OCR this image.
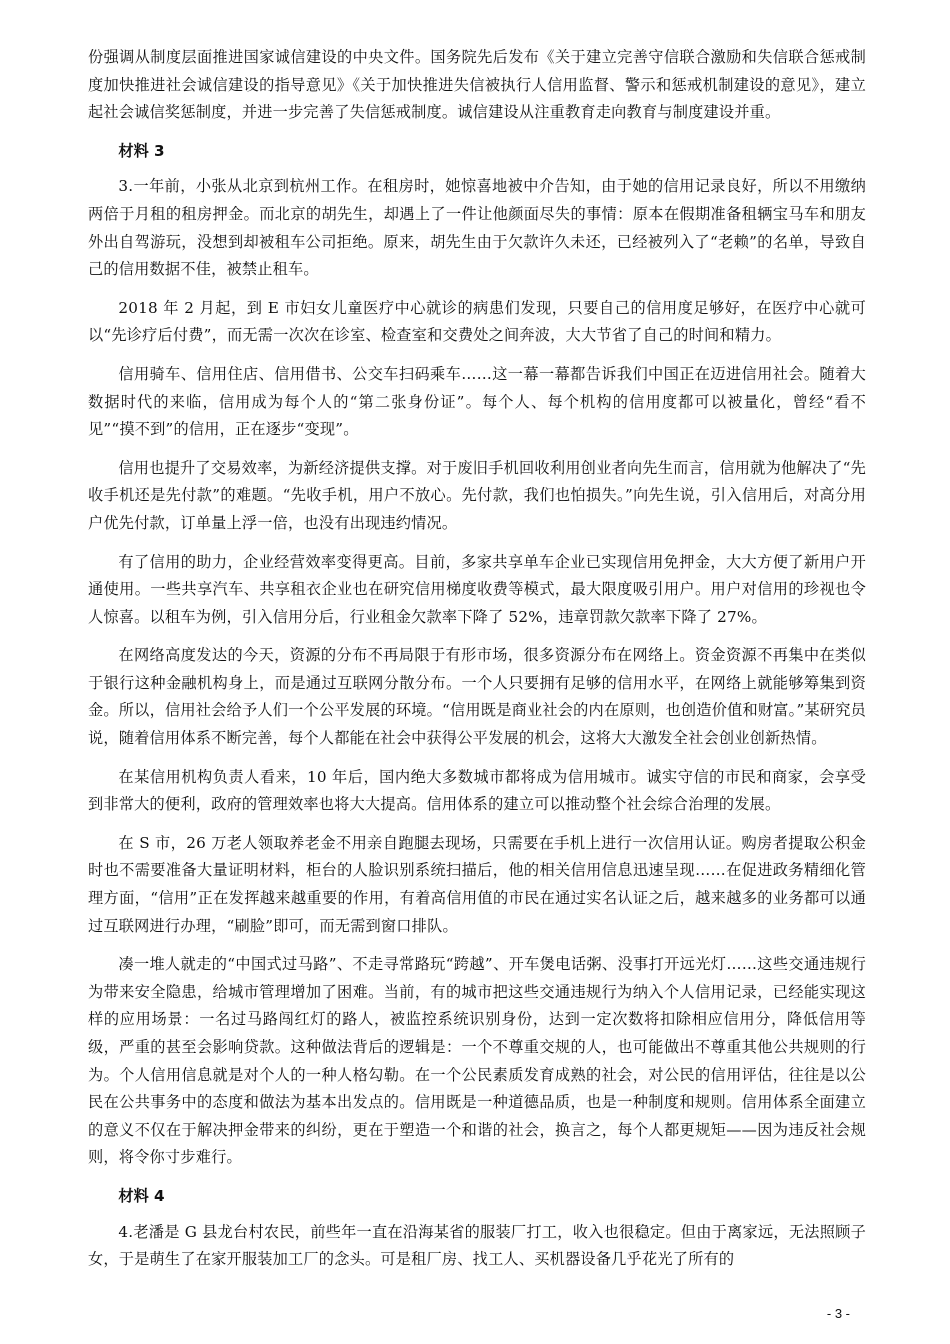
份强调从制度层面推进国家诚信建设的中央文件。国务院先后发布《关于建立完善守信联合激励和失信联合惩戒制度加快推进社会诚信建设的指导意见》《关于加快推进失信被执行人信用监督、警示和惩戒机制建设的意见》，建立起社会诚信奖惩制度，并进一步完善了失信惩戒制度。诚信建设从注重教育走向教育与制度建设并重。

材料 3

3.一年前，小张从北京到杭州工作。在租房时，她惊喜地被中介告知，由于她的信用记录良好，所以不用缴纳两倍于月租的租房押金。而北京的胡先生，却遇上了一件让他颜面尽失的事情：原本在假期准备租辆宝马车和朋友外出自驾游玩，没想到却被租车公司拒绝。原来，胡先生由于欠款许久未还，已经被列入了“老赖”的名单，导致自己的信用数据不佳，被禁止租车。

2018 年 2 月起，到 E 市妇女儿童医疗中心就诊的病患们发现，只要自己的信用度足够好，在医疗中心就可以“先诊疗后付费”，而无需一次次在诊室、检查室和交费处之间奔波，大大节省了自己的时间和精力。

信用骑车、信用住店、信用借书、公交车扫码乘车……这一幕一幕都告诉我们中国正在迈进信用社会。随着大数据时代的来临，信用成为每个人的“第二张身份证”。每个人、每个机构的信用度都可以被量化，曾经“看不见”“摸不到”的信用，正在逐步“变现”。

信用也提升了交易效率，为新经济提供支撑。对于废旧手机回收利用创业者向先生而言，信用就为他解决了“先收手机还是先付款”的难题。“先收手机，用户不放心。先付款，我们也怕损失。”向先生说，引入信用后，对高分用户优先付款，订单量上浮一倍，也没有出现违约情况。

有了信用的助力，企业经营效率变得更高。目前，多家共享单车企业已实现信用免押金，大大方便了新用户开通使用。一些共享汽车、共享租衣企业也在研究信用梯度收费等模式，最大限度吸引用户。用户对信用的珍视也令人惊喜。以租车为例，引入信用分后，行业租金欠款率下降了 52%，违章罚款欠款率下降了 27%。

在网络高度发达的今天，资源的分布不再局限于有形市场，很多资源分布在网络上。资金资源不再集中在类似于银行这种金融机构身上，而是通过互联网分散分布。一个人只要拥有足够的信用水平，在网络上就能够筹集到资金。所以，信用社会给予人们一个公平发展的环境。“信用既是商业社会的内在原则，也创造价值和财富。”某研究员说，随着信用体系不断完善，每个人都能在社会中获得公平发展的机会，这将大大激发全社会创业创新热情。

在某信用机构负责人看来，10 年后，国内绝大多数城市都将成为信用城市。诚实守信的市民和商家，会享受到非常大的便利，政府的管理效率也将大大提高。信用体系的建立可以推动整个社会综合治理的发展。

在 S 市，26 万老人领取养老金不用亲自跑腿去现场，只需要在手机上进行一次信用认证。购房者提取公积金时也不需要准备大量证明材料，柜台的人脸识别系统扫描后，他的相关信用信息迅速呈现……在促进政务精细化管理方面，“信用”正在发挥越来越重要的作用，有着高信用值的市民在通过实名认证之后，越来越多的业务都可以通过互联网进行办理，“刷脸”即可，而无需到窗口排队。

凑一堆人就走的“中国式过马路”、不走寻常路玩“跨越”、开车煲电话粥、没事打开远光灯……这些交通违规行为带来安全隐患，给城市管理增加了困难。当前，有的城市把这些交通违规行为纳入个人信用记录，已经能实现这样的应用场景：一名过马路闯红灯的路人，被监控系统识别身份，达到一定次数将扣除相应信用分，降低信用等级，严重的甚至会影响贷款。这种做法背后的逻辑是：一个不尊重交规的人，也可能做出不尊重其他公共规则的行为。个人信用信息就是对个人的一种人格勾勒。在一个公民素质发育成熟的社会，对公民的信用评估，往往是以公民在公共事务中的态度和做法为基本出发点的。信用既是一种道德品质，也是一种制度和规则。信用体系全面建立的意义不仅在于解决押金带来的纠纷，更在于塑造一个和谐的社会，换言之，每个人都更规矩——因为违反社会规则，将令你寸步难行。

材料 4

4.老潘是 G 县龙台村农民，前些年一直在沿海某省的服装厂打工，收入也很稳定。但由于离家远，无法照顾子女，于是萌生了在家开服装加工厂的念头。可是租厂房、找工人、买机器设备几乎花光了所有的

- 3 -
